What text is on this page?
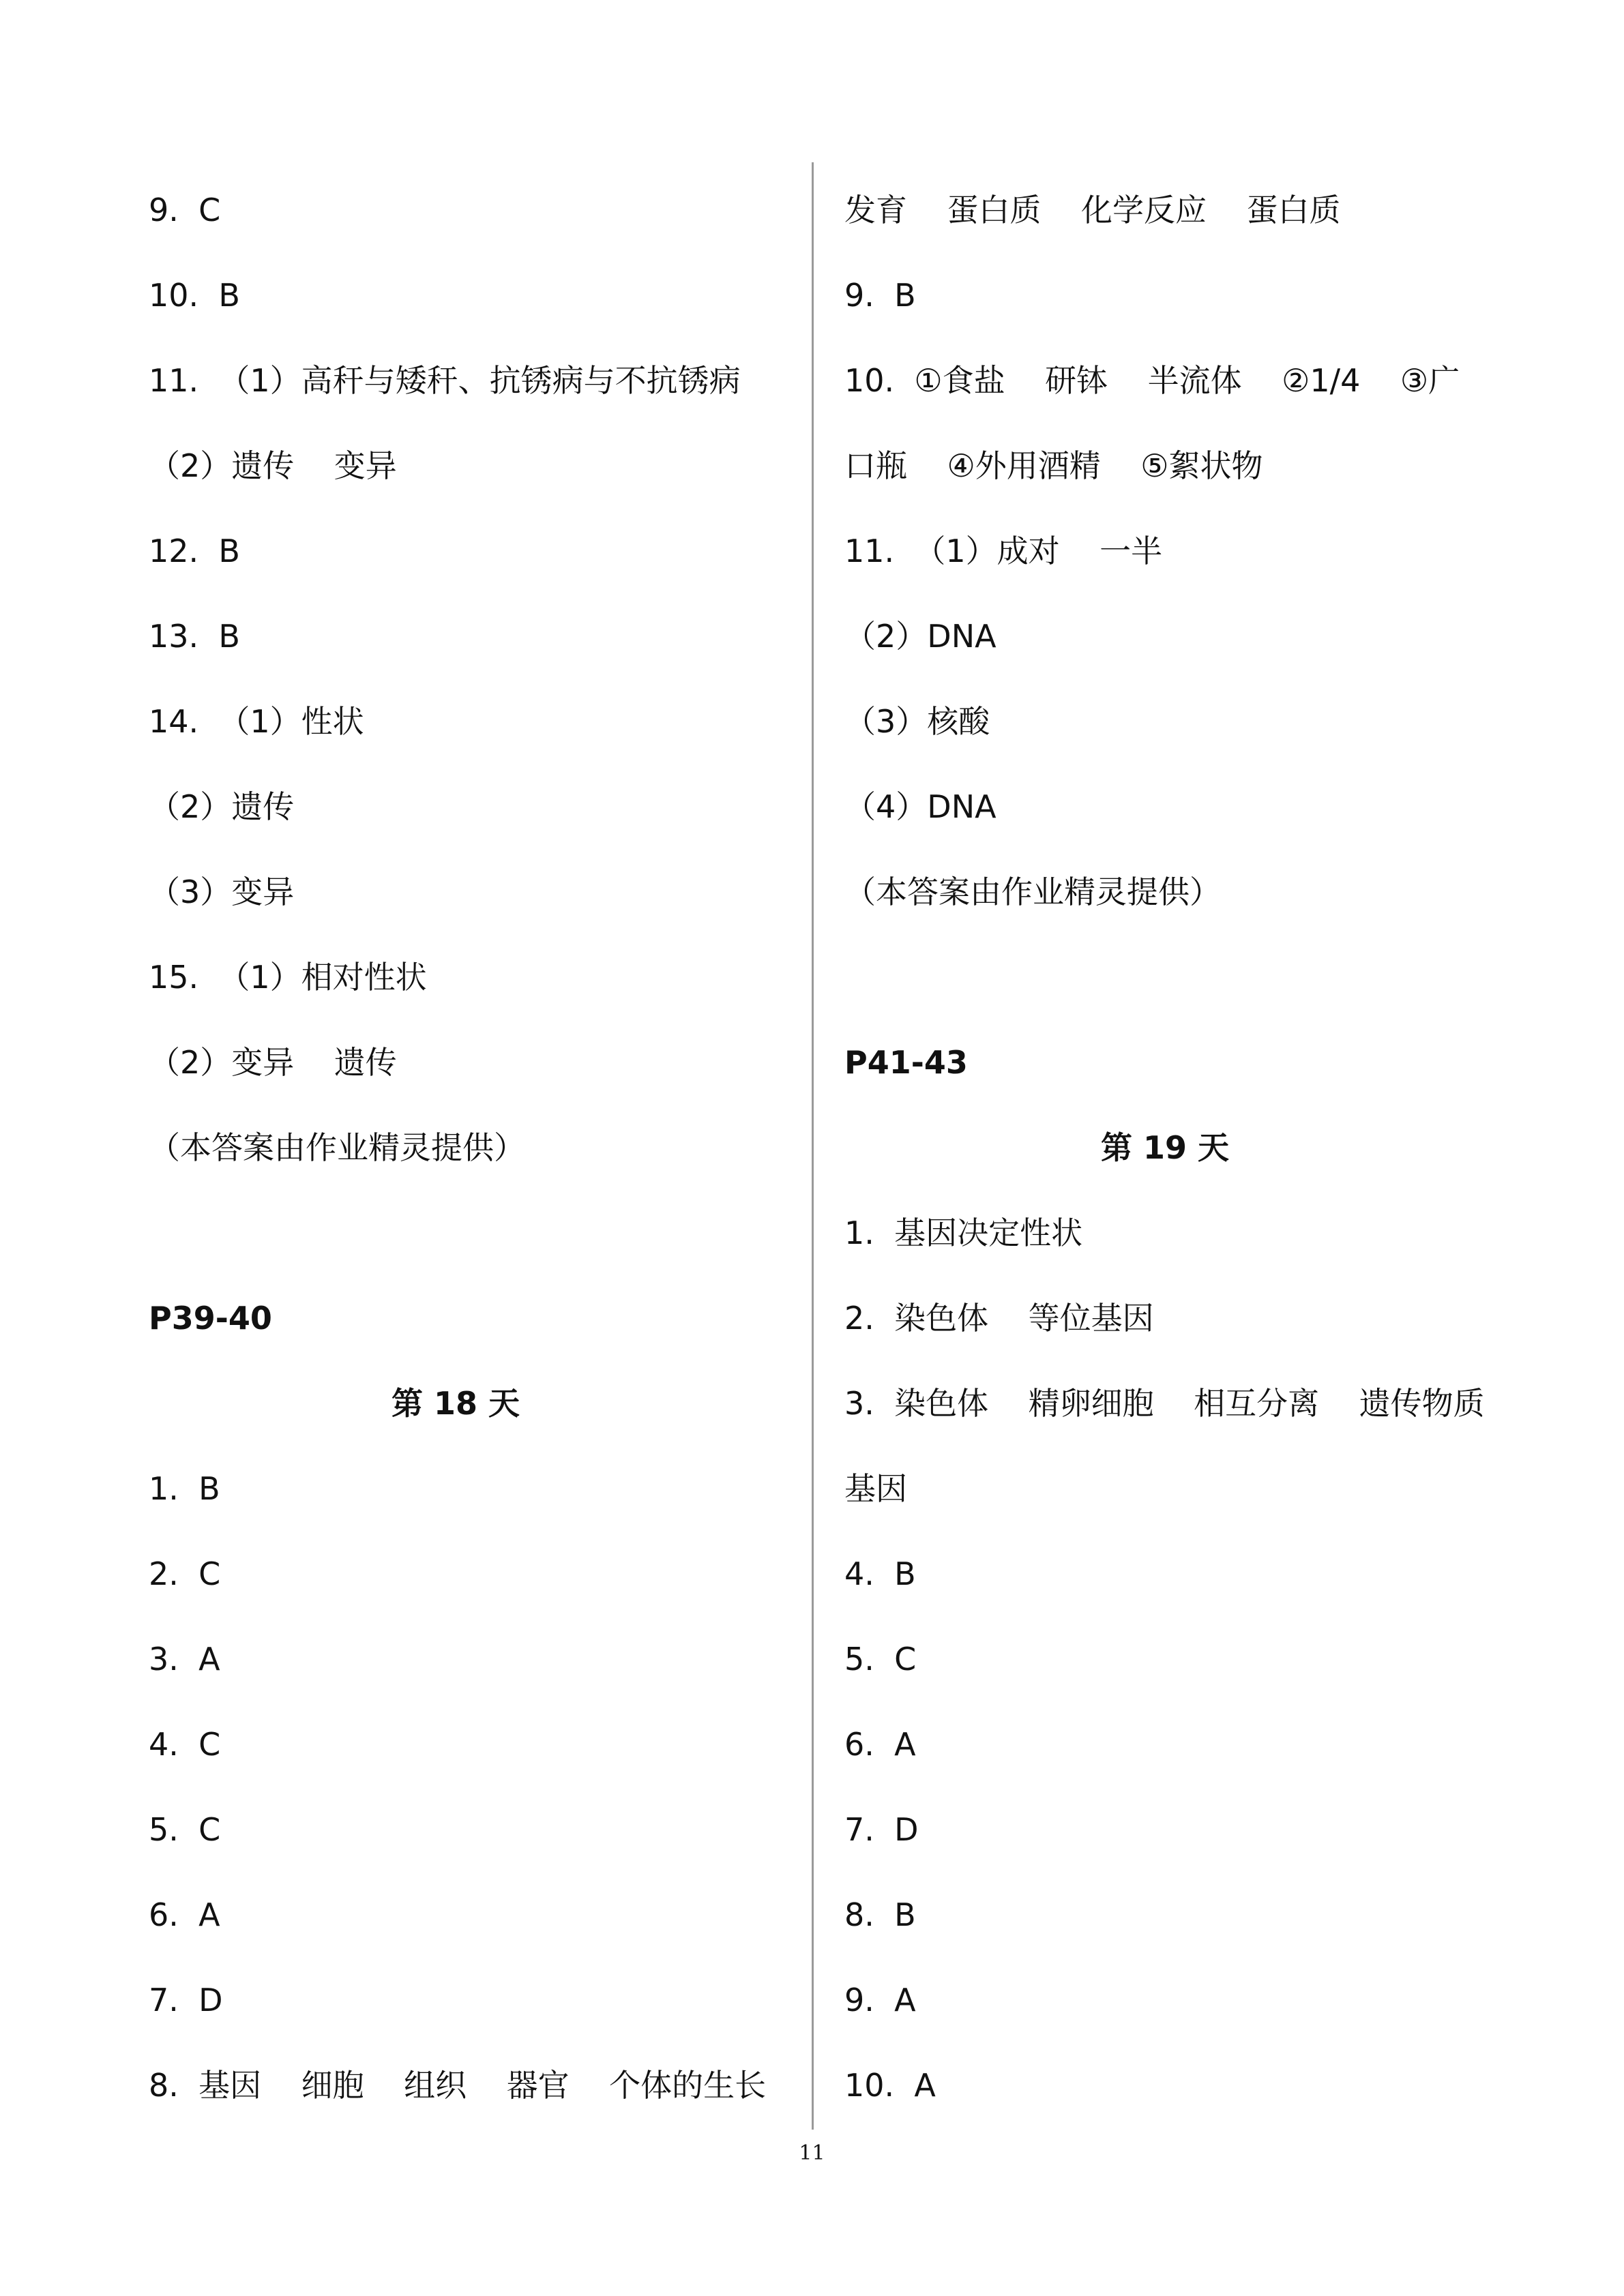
9.  C
10.  B
11.  （1）高秆与矮秆、抗锈病与不抗锈病
（2）遗传    变异
12.  B
13.  B
14.  （1）性状
（2）遗传
（3）变异
15.  （1）相对性状
（2）变异    遗传
（本答案由作业精灵提供）
P39-40
第 18 天
1.  B
2.  C
3.  A
4.  C
5.  C
6.  A
7.  D
8.  基因    细胞    组织    器官    个体的生长
发育    蛋白质    化学反应    蛋白质
9.  B
10.  ①食盐    研钵    半流体    ②1/4    ③广
口瓶    ④外用酒精    ⑤絮状物
11.  （1）成对    一半
（2）DNA
（3）核酸
（4）DNA
（本答案由作业精灵提供）
P41-43
第 19 天
1.  基因决定性状
2.  染色体    等位基因
3.  染色体    精卵细胞    相互分离    遗传物质
基因
4.  B
5.  C
6.  A
7.  D
8.  B
9.  A
10.  A
11
